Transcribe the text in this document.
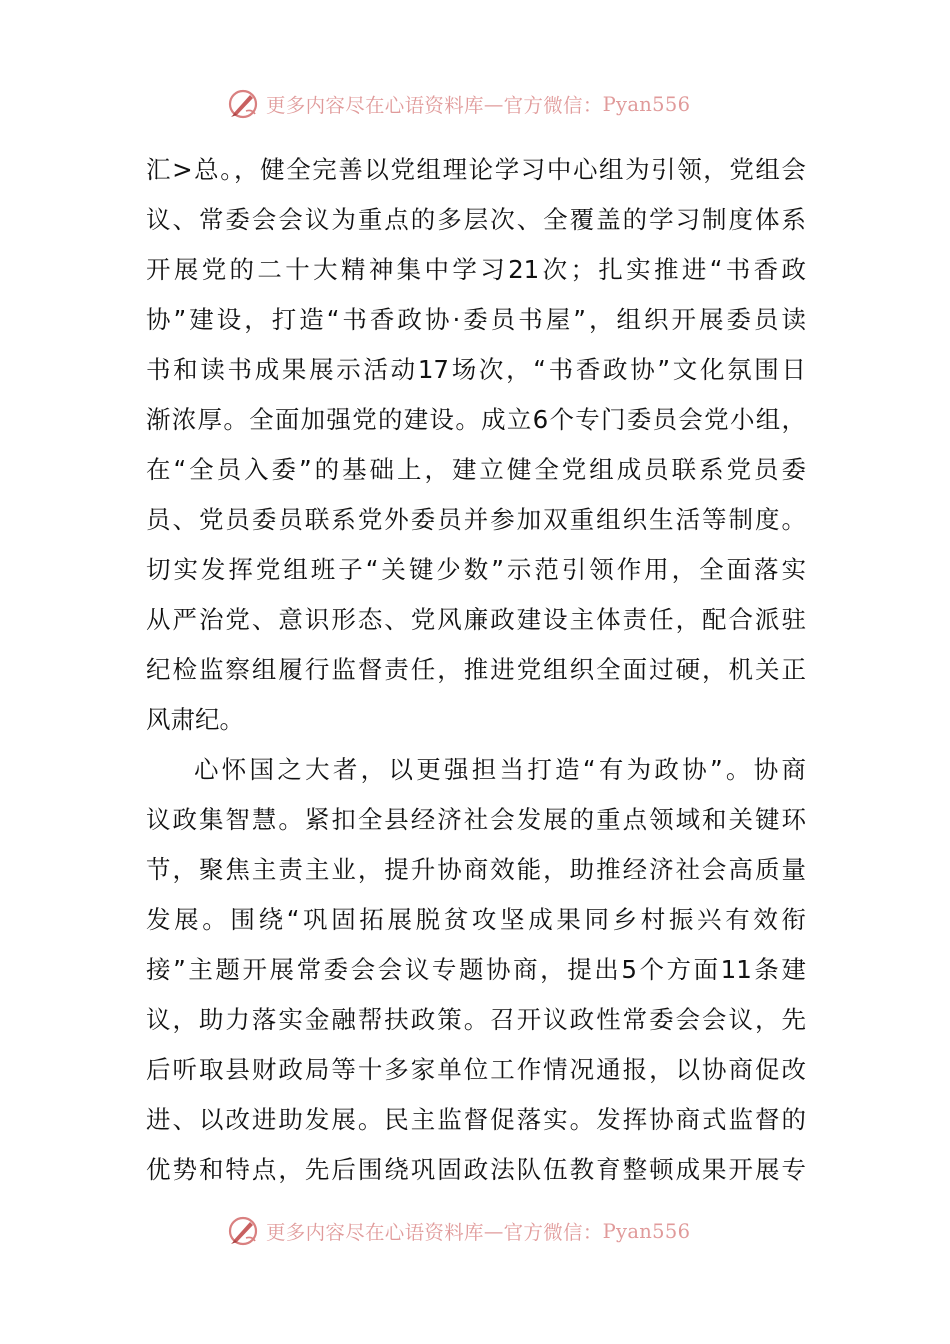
更多内容尽在心语资料库 — 官方微信： Pyan556
汇>总。，健全完善以党组理论学习中心组为引领，党组会
议、常委会会议为重点的多层次、全覆盖的学习制度体系
开展党的二十大精神集中学习21次；扎实推进“书香政
协”建设，打造“书香政协·委员书屋”，组织开展委员读
书和读书成果展示活动17场次，“书香政协”文化氛围日
渐浓厚。全面加强党的建设。成立6个专门委员会党小组，
在“全员入委”的基础上，建立健全党组成员联系党员委
员、党员委员联系党外委员并参加双重组织生活等制度。
切实发挥党组班子“关键少数”示范引领作用，全面落实
从严治党、意识形态、党风廉政建设主体责任，配合派驻
纪检监察组履行监督责任，推进党组织全面过硬，机关正
风肃纪。
心怀国之大者，以更强担当打造“有为政协”。协商
议政集智慧。紧扣全县经济社会发展的重点领域和关键环
节，聚焦主责主业，提升协商效能，助推经济社会高质量
发展。围绕“巩固拓展脱贫攻坚成果同乡村振兴有效衔
接”主题开展常委会会议专题协商，提出5个方面11条建
议，助力落实金融帮扶政策。召开议政性常委会会议，先
后听取县财政局等十多家单位工作情况通报，以协商促改
进、以改进助发展。民主监督促落实。发挥协商式监督的
优势和特点，先后围绕巩固政法队伍教育整顿成果开展专
更多内容尽在心语资料库 — 官方微信： Pyan556
